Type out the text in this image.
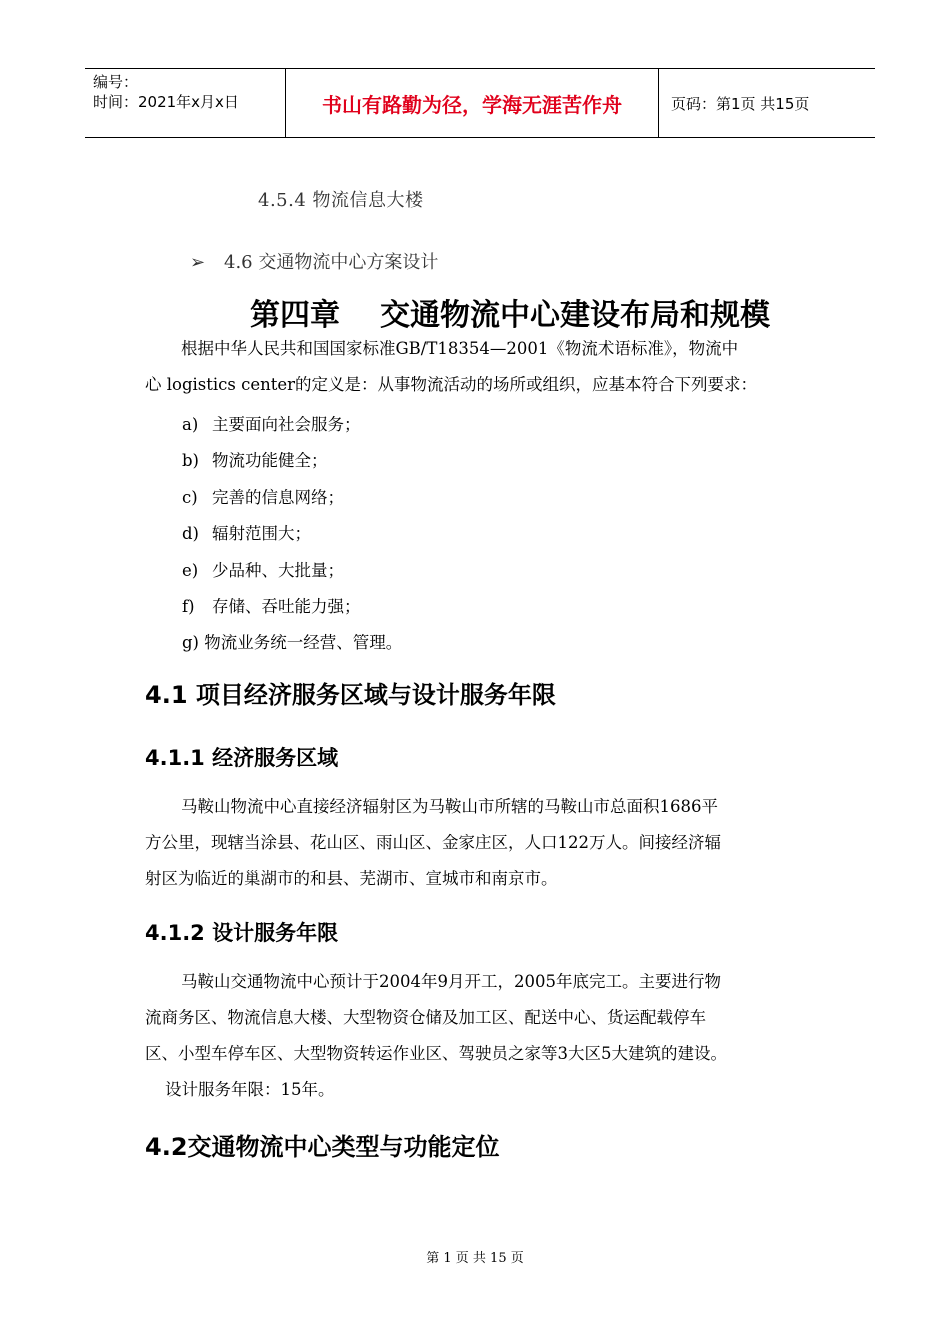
编号：
时间：2021年x月x日	书山有路勤为径，学海无涯苦作舟	页码：第1页 共15页
4.5.4 物流信息大楼
➢ 4.6 交通物流中心方案设计
第四章 交通物流中心建设布局和规模
根据中华人民共和国国家标准GB/T18354—2001《物流术语标准》，物流中
心 logistics center的定义是：从事物流活动的场所或组织，应基本符合下列要求：
a) 主要面向社会服务；
b) 物流功能健全；
c) 完善的信息网络；
d) 辐射范围大；
e) 少品种、大批量；
f) 存储、吞吐能力强；
g) 物流业务统一经营、管理。
4.1 项目经济服务区域与设计服务年限
4.1.1 经济服务区域
马鞍山物流中心直接经济辐射区为马鞍山市所辖的马鞍山市总面积1686平
方公里，现辖当涂县、花山区、雨山区、金家庄区，人口122万人。间接经济辐
射区为临近的巢湖市的和县、芜湖市、宣城市和南京市。
4.1.2 设计服务年限
马鞍山交通物流中心预计于2004年9月开工，2005年底完工。主要进行物
流商务区、物流信息大楼、大型物资仓储及加工区、配送中心、货运配载停车
区、小型车停车区、大型物资转运作业区、驾驶员之家等3大区5大建筑的建设。
设计服务年限：15年。
4.2交通物流中心类型与功能定位
第 1 页 共 15 页
